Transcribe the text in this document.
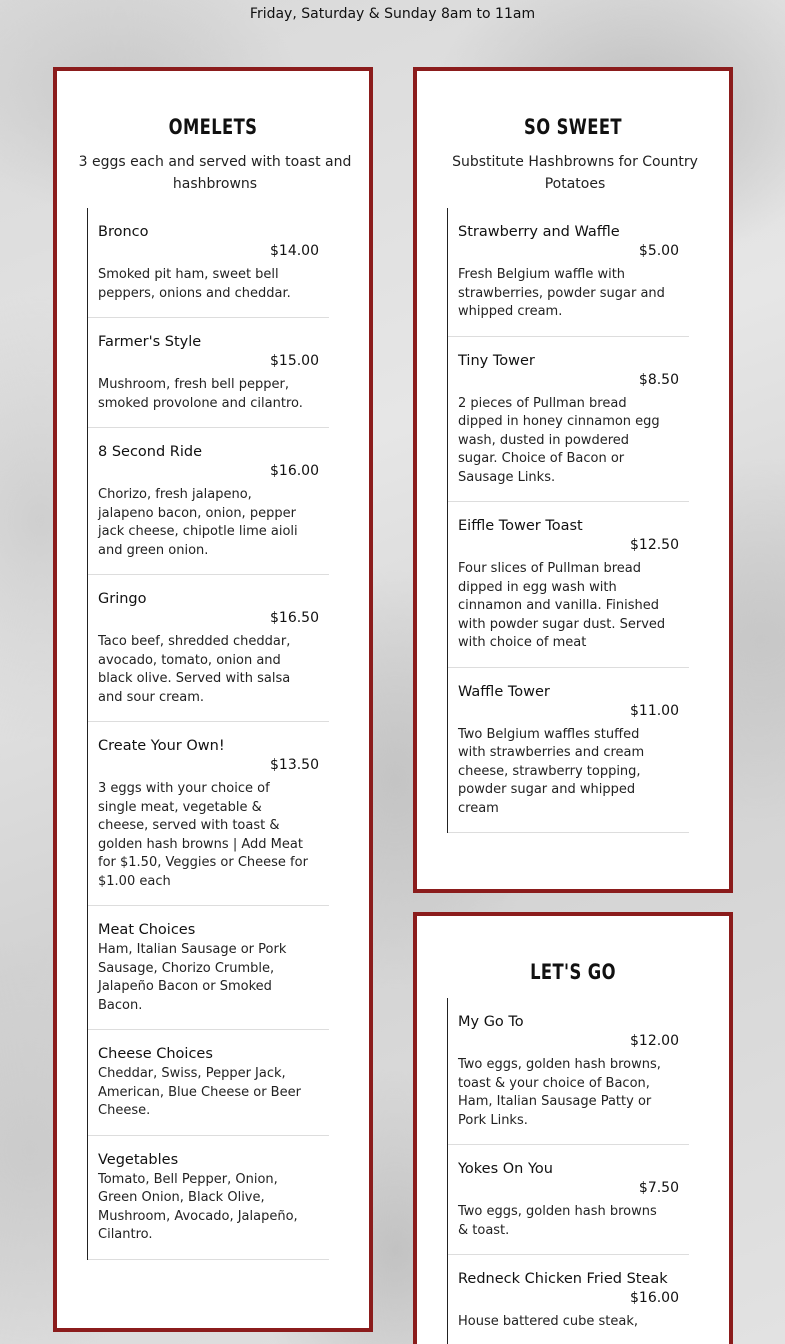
Friday, Saturday & Sunday 8am to 11am
OMELETS

3 eggs each and served with toast and hashbrowns

Bronco
$14.00
Smoked pit ham, sweet bell peppers, onions and cheddar.
Farmer's Style
$15.00
Mushroom, fresh bell pepper, smoked provolone and cilantro.
8 Second Ride
$16.00
Chorizo, fresh jalapeno, jalapeno bacon, onion, pepper jack cheese, chipotle lime aioli and green onion.
Gringo
$16.50
Taco beef, shredded cheddar, avocado, tomato, onion and black olive. Served with salsa and sour cream.
Create Your Own!
$13.50
3 eggs with your choice of single meat, vegetable & cheese, served with toast & golden hash browns | Add Meat for $1.50, Veggies or Cheese for $1.00 each
Meat Choices
Ham, Italian Sausage or Pork Sausage, Chorizo Crumble, Jalapeño Bacon or Smoked Bacon.
Cheese Choices
Cheddar, Swiss, Pepper Jack, American, Blue Cheese or Beer Cheese.
Vegetables
Tomato, Bell Pepper, Onion, Green Onion, Black Olive, Mushroom, Avocado, Jalapeño, Cilantro.
SO SWEET

Substitute Hashbrowns for Country Potatoes

Strawberry and Waffle
$5.00
Fresh Belgium waffle with strawberries, powder sugar and whipped cream.
Tiny Tower
$8.50
2 pieces of Pullman bread dipped in honey cinnamon egg wash, dusted in powdered sugar. Choice of Bacon or Sausage Links.
Eiffle Tower Toast
$12.50
Four slices of Pullman bread dipped in egg wash with cinnamon and vanilla. Finished with powder sugar dust. Served with choice of meat
Waffle Tower
$11.00
Two Belgium waffles stuffed with strawberries and cream cheese, strawberry topping, powder sugar and whipped cream
LET'S GO
My Go To
$12.00
Two eggs, golden hash browns, toast & your choice of Bacon, Ham, Italian Sausage Patty or Pork Links.
Yokes On You
$7.50
Two eggs, golden hash browns & toast.
Redneck Chicken Fried Steak
$16.00
House battered cube steak,
